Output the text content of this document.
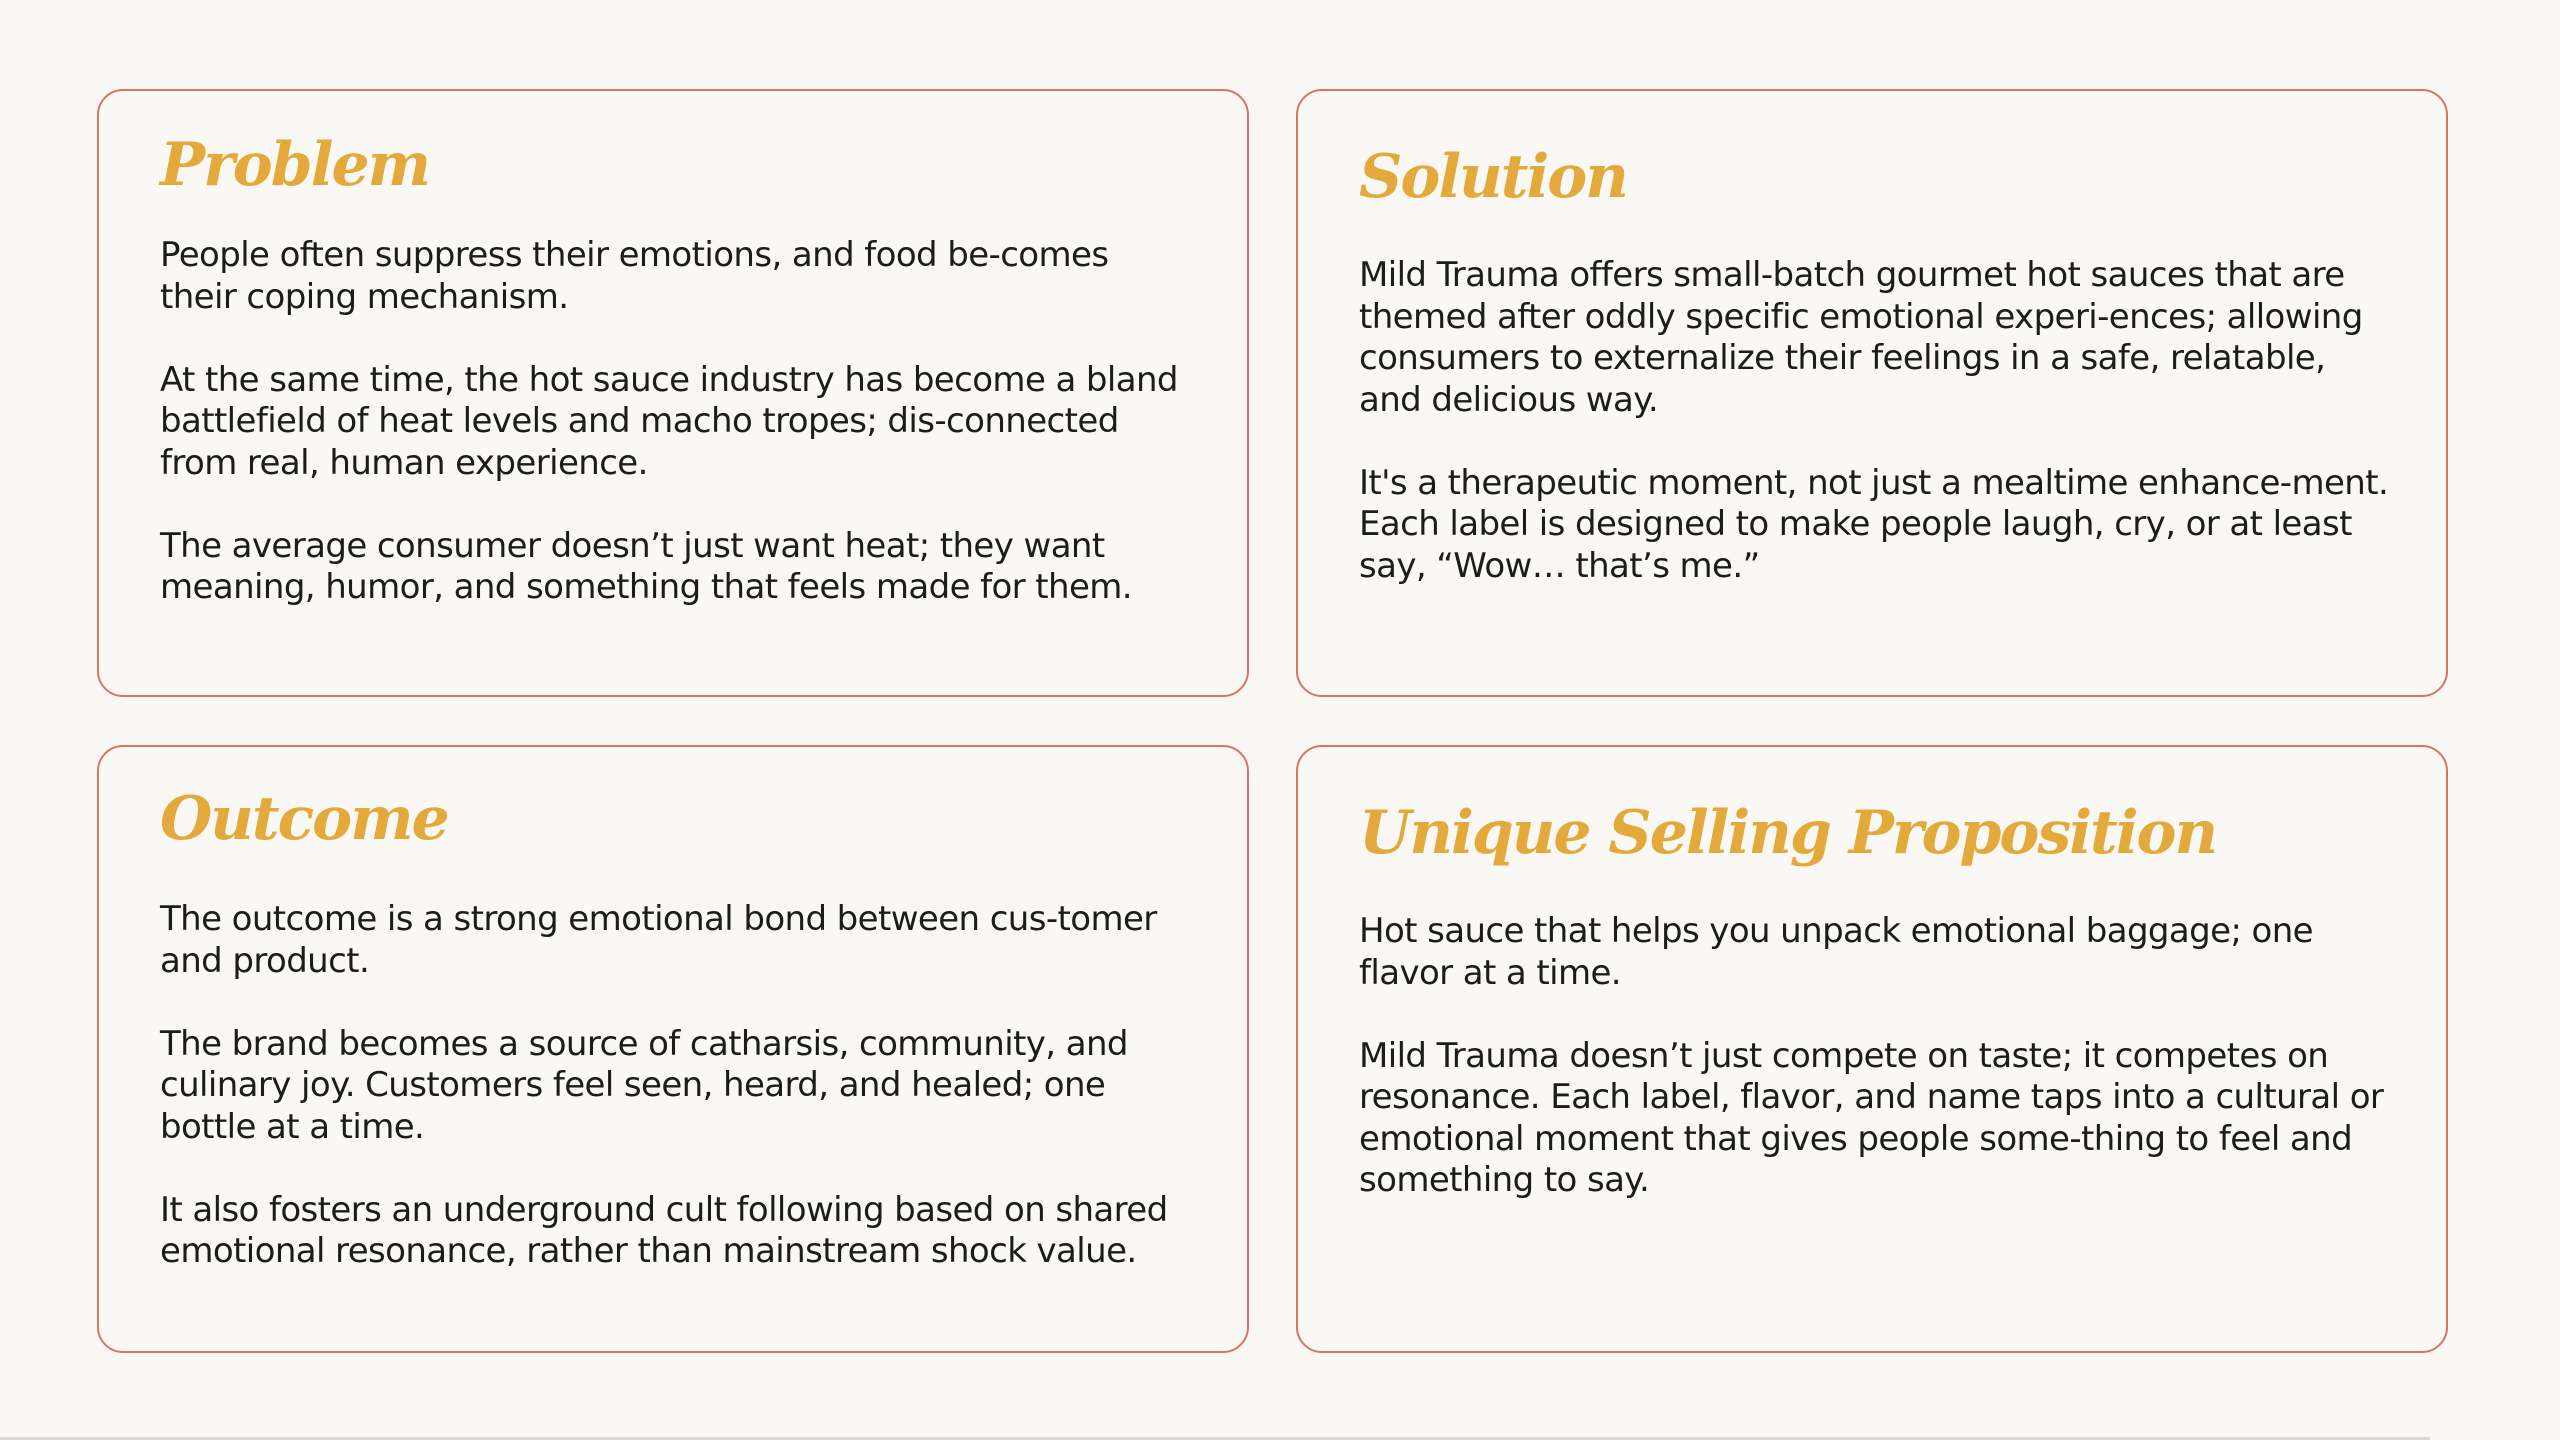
Problem

People often suppress their emotions, and food be-comes their coping mechanism.

At the same time, the hot sauce industry has become a bland battlefield of heat levels and macho tropes; dis-connected from real, human experience.

The average consumer doesn’t just want heat; they want meaning, humor, and something that feels made for them.

Solution

Mild Trauma offers small-batch gourmet hot sauces that are themed after oddly specific emotional experi-ences; allowing consumers to externalize their feelings in a safe, relatable, and delicious way.

It's a therapeutic moment, not just a mealtime enhance-ment. Each label is designed to make people laugh, cry, or at least say, “Wow… that’s me.”

Outcome

The outcome is a strong emotional bond between cus-tomer and product.

The brand becomes a source of catharsis, community, and culinary joy. Customers feel seen, heard, and healed; one bottle at a time.

It also fosters an underground cult following based on shared emotional resonance, rather than mainstream shock value.

Unique Selling Proposition

Hot sauce that helps you unpack emotional baggage; one flavor at a time.

Mild Trauma doesn’t just compete on taste; it competes on resonance. Each label, flavor, and name taps into a cultural or emotional moment that gives people some-thing to feel and something to say.
